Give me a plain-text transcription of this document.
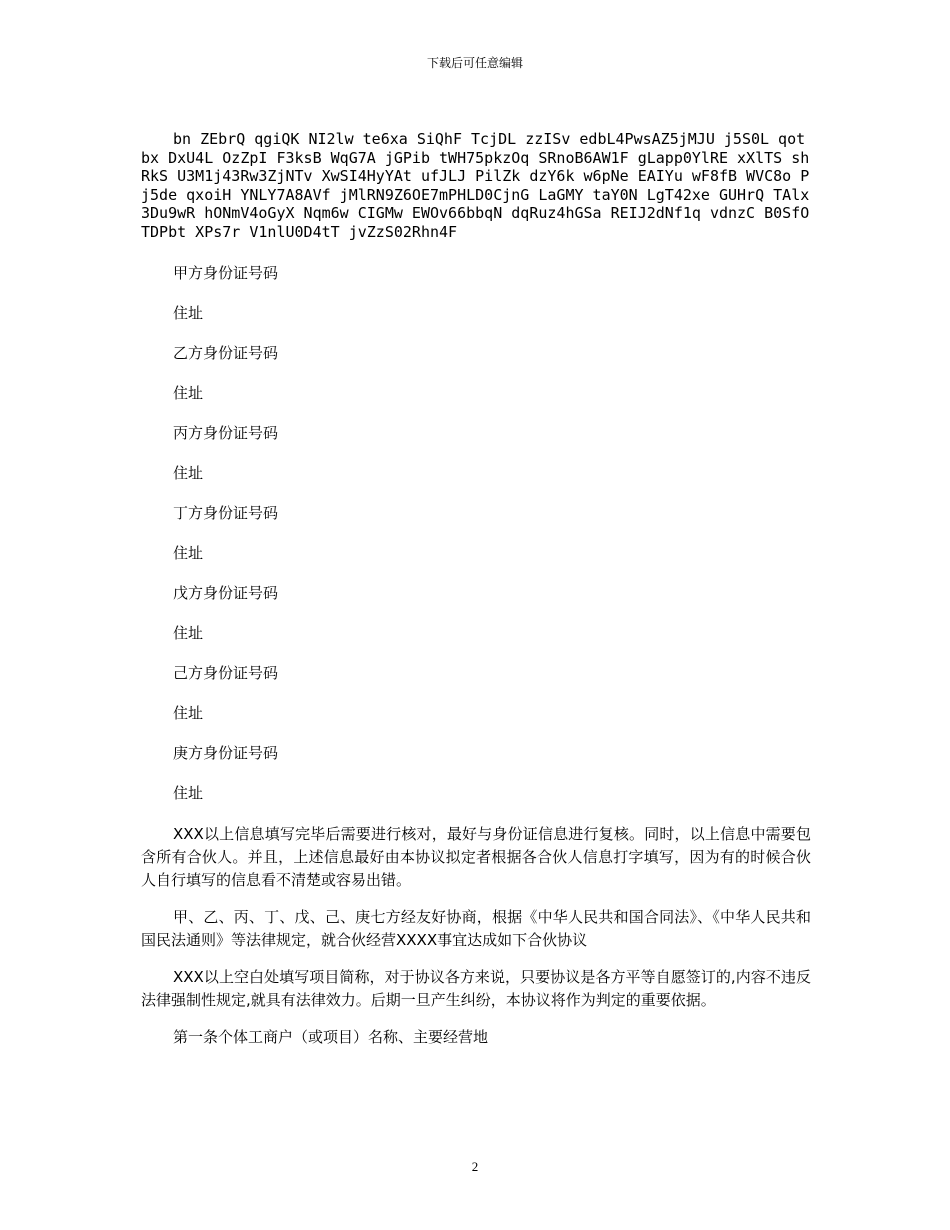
下载后可任意编辑

bn ZEbrQ qgiQK NI2lw te6xa SiQhF TcjDL zzISv edbL4PwsAZ5jMJU j5S0L qotbx DxU4L OzZpI F3ksB WqG7A jGPib tWH75pkzOq SRnoB6AW1F gLapp0YlRE xXlTS shRkS U3M1j43Rw3ZjNTv XwSI4HyYAt ufJLJ PilZk dzY6k w6pNe EAIYu wF8fB WVC8o Pj5de qxoiH YNLY7A8AVf jMlRN9Z6OE7mPHLD0CjnG LaGMY taY0N LgT42xe GUHrQ TAlx3Du9wR hONmV4oGyX Nqm6w CIGMw EWOv66bbqN dqRuz4hGSa REIJ2dNf1q vdnzC B0SfO TDPbt XPs7r V1nlU0D4tT jvZzS02Rhn4F

甲方身份证号码
住址
乙方身份证号码
住址
丙方身份证号码
住址
丁方身份证号码
住址
戊方身份证号码
住址
己方身份证号码
住址
庚方身份证号码
住址

XXX以上信息填写完毕后需要进行核对，最好与身份证信息进行复核。同时，以上信息中需要包含所有合伙人。并且，上述信息最好由本协议拟定者根据各合伙人信息打字填写，因为有的时候合伙人自行填写的信息看不清楚或容易出错。

甲、乙、丙、丁、戊、己、庚七方经友好协商，根据《中华人民共和国合同法》、《中华人民共和国民法通则》等法律规定，就合伙经营XXXX事宜达成如下合伙协议

XXX以上空白处填写项目简称，对于协议各方来说，只要协议是各方平等自愿签订的,内容不违反法律强制性规定,就具有法律效力。后期一旦产生纠纷，本协议将作为判定的重要依据。

第一条个体工商户（或项目）名称、主要经营地

2
